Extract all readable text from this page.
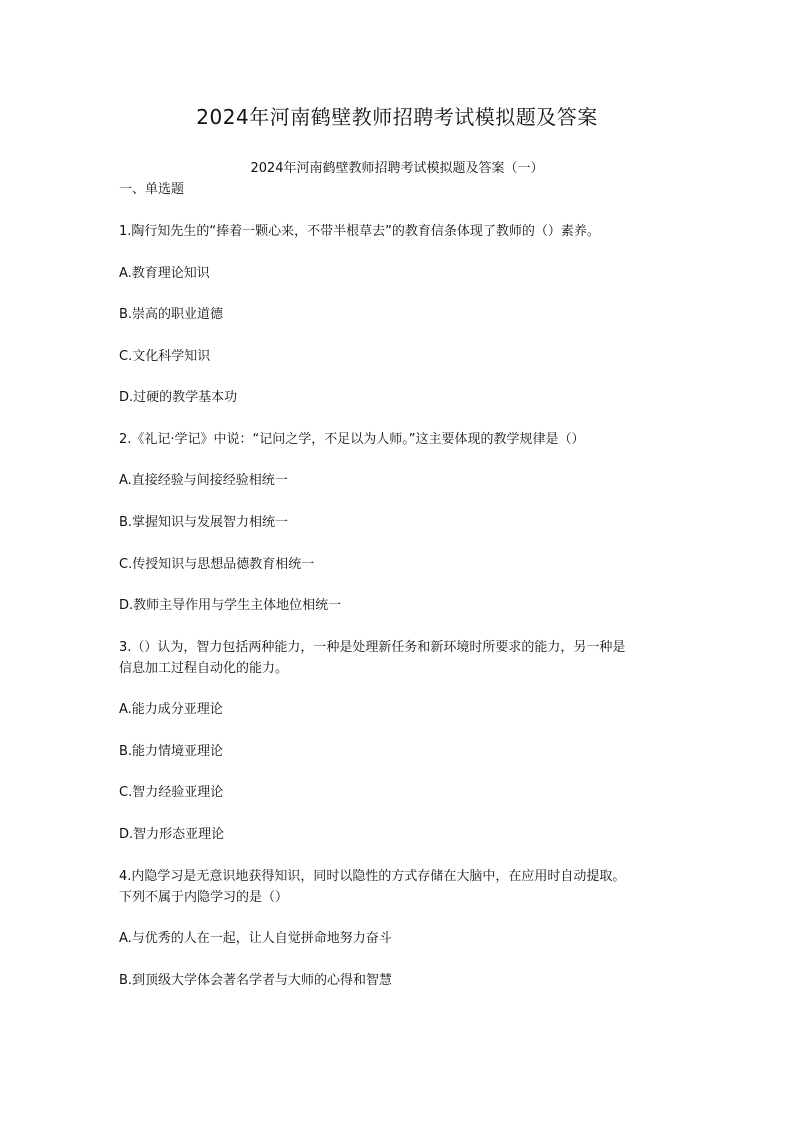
2024年河南鹤壁教师招聘考试模拟题及答案
2024年河南鹤壁教师招聘考试模拟题及答案（一）
一、单选题

1.陶行知先生的“捧着一颗心来，不带半根草去”的教育信条体现了教师的（）素养。

A.教育理论知识

B.崇高的职业道德

C.文化科学知识

D.过硬的教学基本功

2.《礼记·学记》中说：“记问之学，不足以为人师。”这主要体现的教学规律是（）

A.直接经验与间接经验相统一

B.掌握知识与发展智力相统一

C.传授知识与思想品德教育相统一

D.教师主导作用与学生主体地位相统一

3.（）认为，智力包括两种能力，一种是处理新任务和新环境时所要求的能力，另一种是

信息加工过程自动化的能力。

A.能力成分亚理论

B.能力情境亚理论

C.智力经验亚理论

D.智力形态亚理论

4.内隐学习是无意识地获得知识，同时以隐性的方式存储在大脑中，在应用时自动提取。

下列不属于内隐学习的是（）

A.与优秀的人在一起，让人自觉拼命地努力奋斗

B.到顶级大学体会著名学者与大师的心得和智慧
